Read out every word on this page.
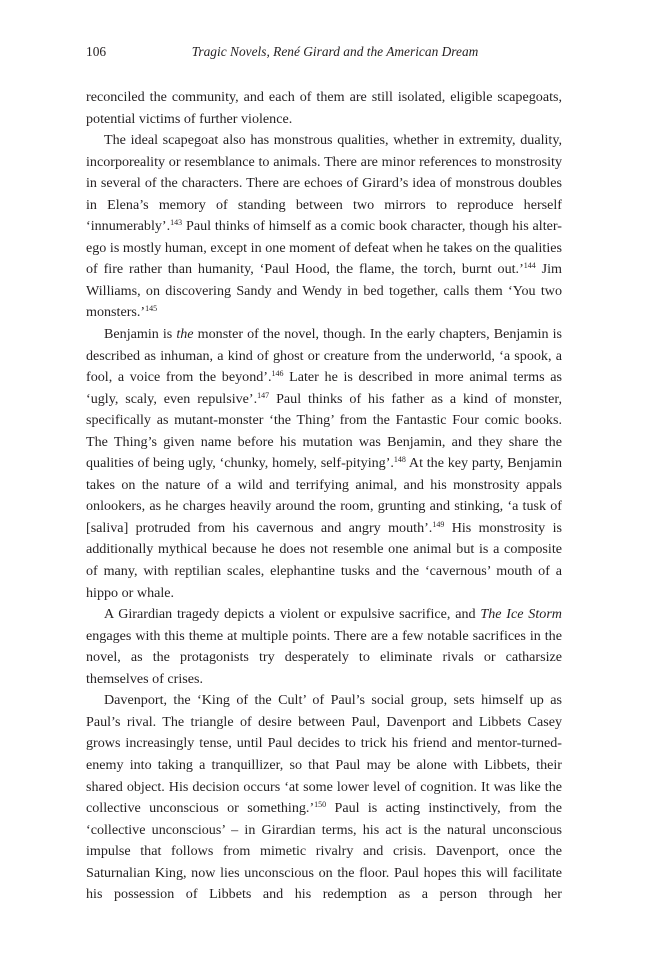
106	Tragic Novels, René Girard and the American Dream

reconciled the community, and each of them are still isolated, eligible scapegoats, potential victims of further violence.

The ideal scapegoat also has monstrous qualities, whether in extremity, duality, incorporeality or resemblance to animals. There are minor references to monstrosity in several of the characters. There are echoes of Girard’s idea of monstrous doubles in Elena’s memory of standing between two mirrors to reproduce herself ‘innumerably’.$^{143}$ Paul thinks of himself as a comic book character, though his alter-ego is mostly human, except in one moment of defeat when he takes on the qualities of fire rather than humanity, ‘Paul Hood, the flame, the torch, burnt out.’$^{144}$ Jim Williams, on discovering Sandy and Wendy in bed together, calls them ‘You two monsters.’$^{145}$

Benjamin is the monster of the novel, though. In the early chapters, Benjamin is described as inhuman, a kind of ghost or creature from the underworld, ‘a spook, a fool, a voice from the beyond’.$^{146}$ Later he is described in more animal terms as ‘ugly, scaly, even repulsive’.$^{147}$ Paul thinks of his father as a kind of monster, specifically as mutant-monster ‘the Thing’ from the Fantastic Four comic books. The Thing’s given name before his mutation was Benjamin, and they share the qualities of being ugly, ‘chunky, homely, self-pitying’.$^{148}$ At the key party, Benjamin takes on the nature of a wild and terrifying animal, and his monstrosity appals onlookers, as he charges heavily around the room, grunting and stinking, ‘a tusk of [saliva] protruded from his cavernous and angry mouth’.$^{149}$ His monstrosity is additionally mythical because he does not resemble one animal but is a composite of many, with reptilian scales, elephantine tusks and the ‘cavernous’ mouth of a hippo or whale.

A Girardian tragedy depicts a violent or expulsive sacrifice, and The Ice Storm engages with this theme at multiple points. There are a few notable sacrifices in the novel, as the protagonists try desperately to eliminate rivals or catharsize themselves of crises.

Davenport, the ‘King of the Cult’ of Paul’s social group, sets himself up as Paul’s rival. The triangle of desire between Paul, Davenport and Libbets Casey grows increasingly tense, until Paul decides to trick his friend and mentor-turned-enemy into taking a tranquillizer, so that Paul may be alone with Libbets, their shared object. His decision occurs ‘at some lower level of cognition. It was like the collective unconscious or something.’$^{150}$ Paul is acting instinctively, from the ‘collective unconscious’ – in Girardian terms, his act is the natural unconscious impulse that follows from mimetic rivalry and crisis. Davenport, once the Saturnalian King, now lies unconscious on the floor. Paul hopes this will facilitate his possession of Libbets and his redemption as a person through her
